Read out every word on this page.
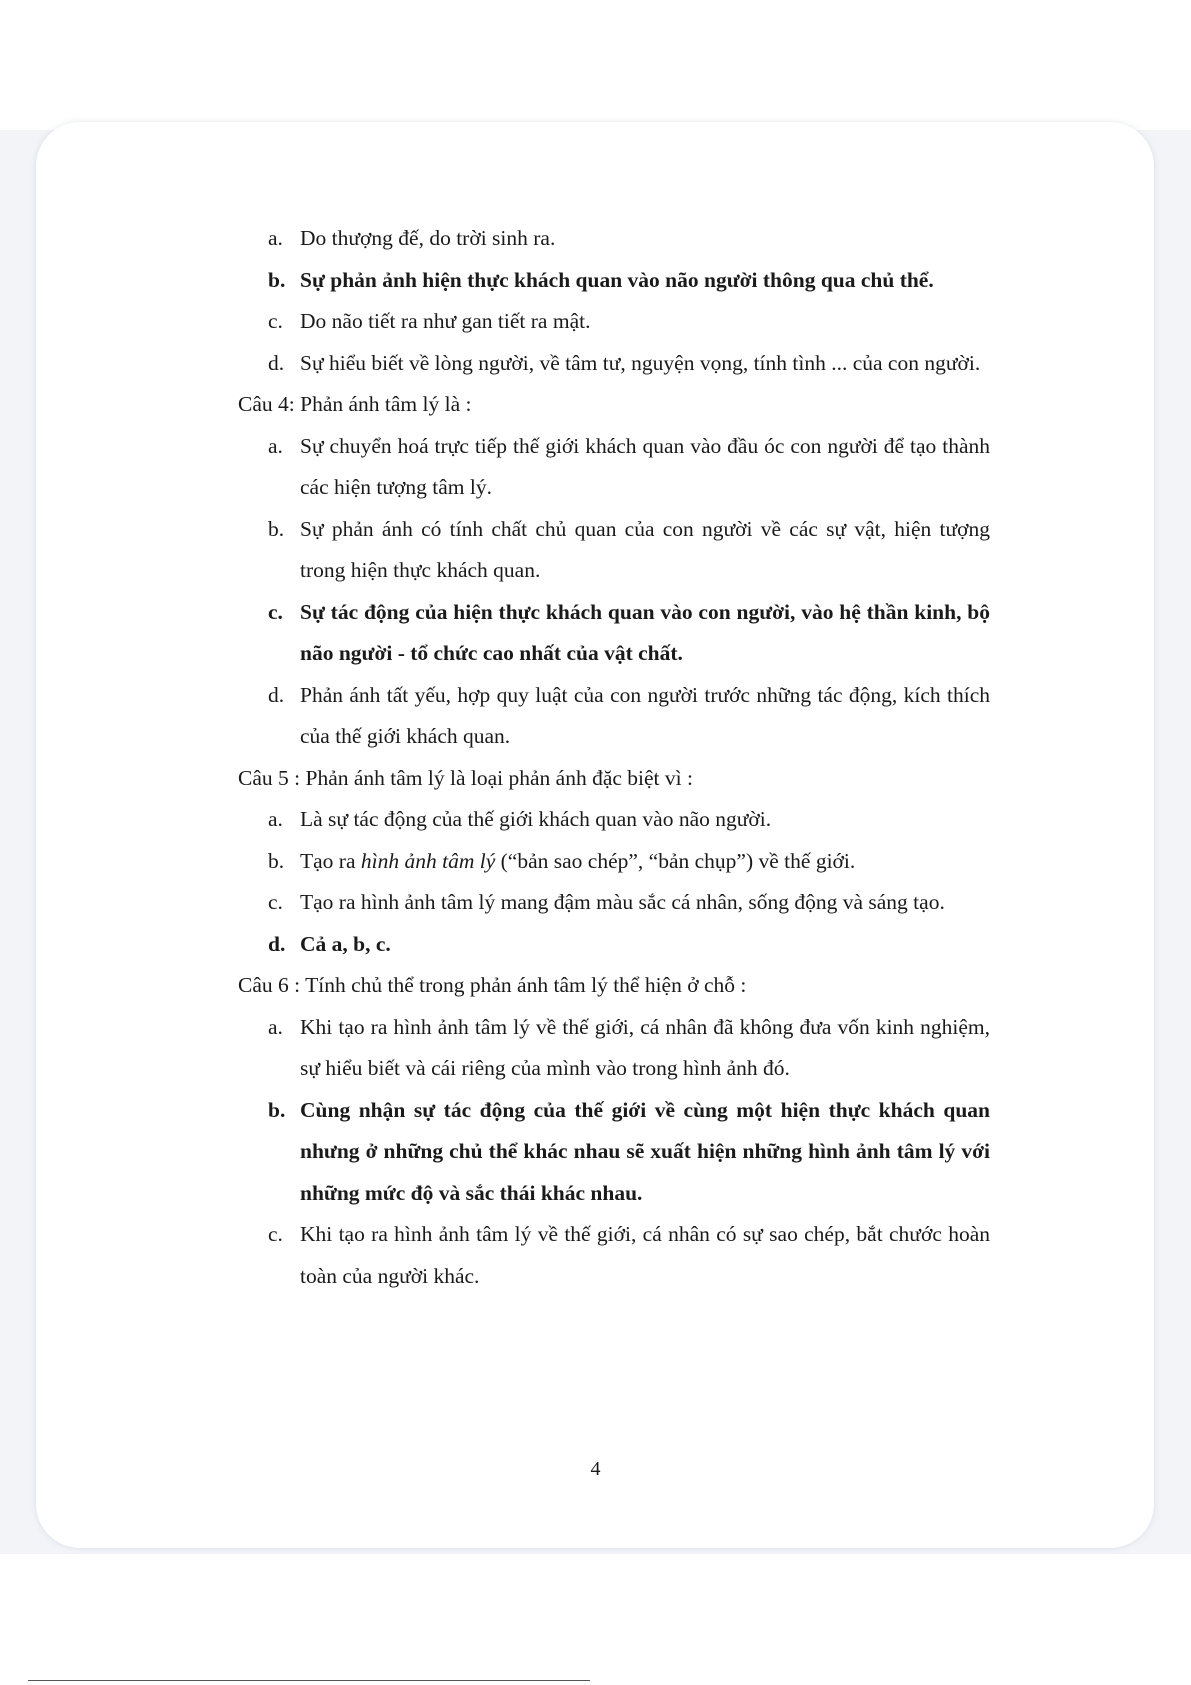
a. Do thượng đế, do trời sinh ra.
b. Sự phản ảnh hiện thực khách quan vào não người thông qua chủ thể.
c. Do não tiết ra như gan tiết ra mật.
d. Sự hiểu biết về lòng người, về tâm tư, nguyện vọng, tính tình ... của con người.

Câu 4: Phản ánh tâm lý là :

a. Sự chuyển hoá trực tiếp thế giới khách quan vào đầu óc con người để tạo thành các hiện tượng tâm lý.
b. Sự phản ánh có tính chất chủ quan của con người về các sự vật, hiện tượng trong hiện thực khách quan.
c. Sự tác động của hiện thực khách quan vào con người, vào hệ thần kinh, bộ não người - tổ chức cao nhất của vật chất.
d. Phản ánh tất yếu, hợp quy luật của con người trước những tác động, kích thích của thế giới khách quan.

Câu 5 : Phản ánh tâm lý là loại phản ánh đặc biệt vì :

a. Là sự tác động của thế giới khách quan vào não người.
b. Tạo ra hình ảnh tâm lý (“bản sao chép”, “bản chụp”) về thế giới.
c. Tạo ra hình ảnh tâm lý mang đậm màu sắc cá nhân, sống động và sáng tạo.
d. Cả a, b, c.

Câu 6 : Tính chủ thể trong phản ánh tâm lý thể hiện ở chỗ :

a. Khi tạo ra hình ảnh tâm lý về thế giới, cá nhân đã không đưa vốn kinh nghiệm, sự hiểu biết và cái riêng của mình vào trong hình ảnh đó.
b. Cùng nhận sự tác động của thế giới về cùng một hiện thực khách quan nhưng ở những chủ thể khác nhau sẽ xuất hiện những hình ảnh tâm lý với những mức độ và sắc thái khác nhau.
c. Khi tạo ra hình ảnh tâm lý về thế giới, cá nhân có sự sao chép, bắt chước hoàn toàn của người khác.
4
